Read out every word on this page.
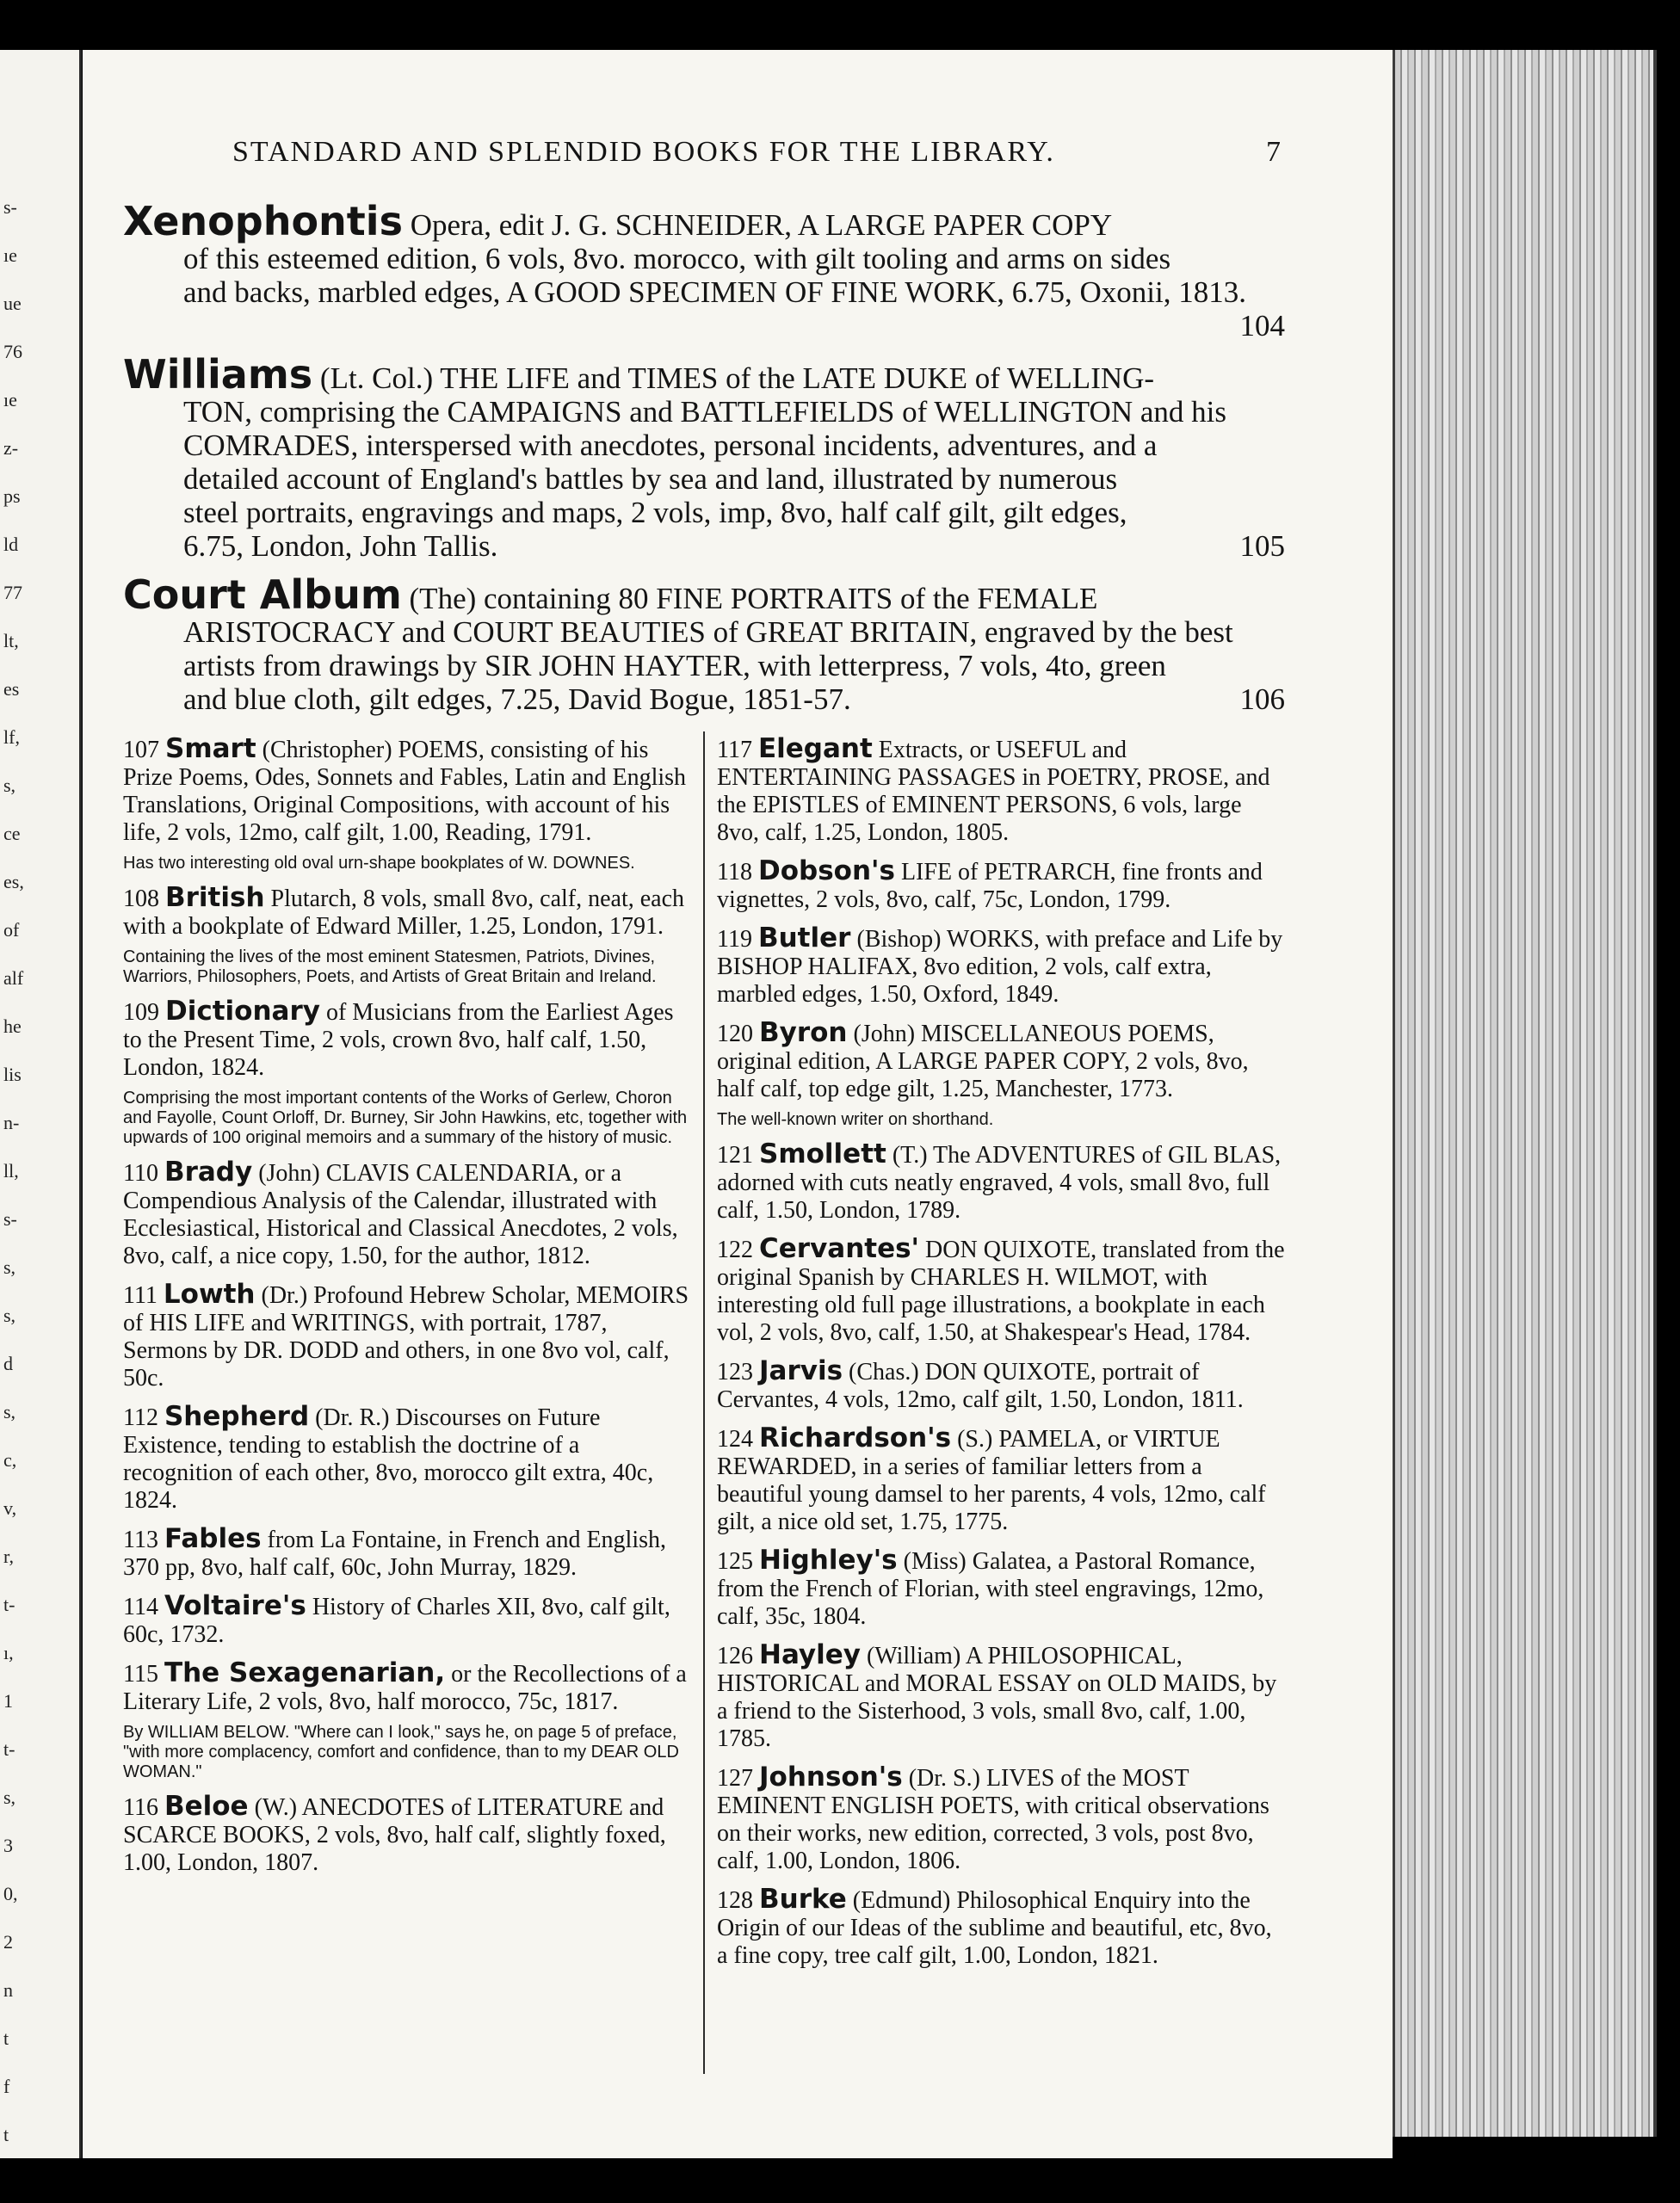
s-
ıe
ue
76
ıe
z-
ps
ld
77
lt,
es
lf,
s,
ce
es,
of
alf
he
lis
n-
ll,
s-
s,
s,
d
s,
c,
v,
r,
t-
ı,
1
t-
s,
3
0,
2
n
t
f
t
STANDARD AND SPLENDID BOOKS FOR THE LIBRARY.	7
Xenophontis Opera, edit J. G. SCHNEIDER, A LARGE PAPER COPY
of this esteemed edition, 6 vols, 8vo. morocco, with gilt tooling and arms on sides
and backs, marbled edges, A GOOD SPECIMEN OF FINE WORK, 6.75, Oxonii, 1813.
104

Williams (Lt. Col.) THE LIFE and TIMES of the LATE DUKE of WELLING-
TON, comprising the CAMPAIGNS and BATTLEFIELDS of WELLINGTON and his
COMRADES, interspersed with anecdotes, personal incidents, adventures, and a
detailed account of England's battles by sea and land, illustrated by numerous
steel portraits, engravings and maps, 2 vols, imp, 8vo, half calf gilt, gilt edges,
6.75, London, John Tallis.	105
Court Album (The) containing 80 FINE PORTRAITS of the FEMALE
ARISTOCRACY and COURT BEAUTIES of GREAT BRITAIN, engraved by the best
artists from drawings by SIR JOHN HAYTER, with letterpress, 7 vols, 4to, green
and blue cloth, gilt edges, 7.25, David Bogue, 1851-57.	106
107 Smart (Christopher) POEMS, consisting of his Prize Poems, Odes, Sonnets and Fables, Latin and English Translations, Original Compositions, with account of his life, 2 vols, 12mo, calf gilt, 1.00, Reading, 1791.
Has two interesting old oval urn-shape bookplates of W. DOWNES.
108 British Plutarch, 8 vols, small 8vo, calf, neat, each with a bookplate of Edward Miller, 1.25, London, 1791.
Containing the lives of the most eminent Statesmen, Patriots, Divines, Warriors, Philosophers, Poets, and Artists of Great Britain and Ireland.
109 Dictionary of Musicians from the Earliest Ages to the Present Time, 2 vols, crown 8vo, half calf, 1.50, London, 1824.
Comprising the most important contents of the Works of Gerlew, Choron and Fayolle, Count Orloff, Dr. Burney, Sir John Hawkins, etc, together with upwards of 100 original memoirs and a summary of the history of music.
110 Brady (John) CLAVIS CALENDARIA, or a Compendious Analysis of the Calendar, illustrated with Ecclesiastical, Historical and Classical Anecdotes, 2 vols, 8vo, calf, a nice copy, 1.50, for the author, 1812.
111 Lowth (Dr.) Profound Hebrew Scholar, MEMOIRS of HIS LIFE and WRITINGS, with portrait, 1787, Sermons by DR. DODD and others, in one 8vo vol, calf, 50c.
112 Shepherd (Dr. R.) Discourses on Future Existence, tending to establish the doctrine of a recognition of each other, 8vo, morocco gilt extra, 40c, 1824.
113 Fables from La Fontaine, in French and English, 370 pp, 8vo, half calf, 60c, John Murray, 1829.
114 Voltaire's History of Charles XII, 8vo, calf gilt, 60c, 1732.
115 The Sexagenarian, or the Recollections of a Literary Life, 2 vols, 8vo, half morocco, 75c, 1817.
By WILLIAM BELOW. "Where can I look," says he, on page 5 of preface, "with more complacency, comfort and confidence, than to my DEAR OLD WOMAN."
116 Beloe (W.) ANECDOTES of LITERATURE and SCARCE BOOKS, 2 vols, 8vo, half calf, slightly foxed, 1.00, London, 1807.
117 Elegant Extracts, or USEFUL and ENTERTAINING PASSAGES in POETRY, PROSE, and the EPISTLES of EMINENT PERSONS, 6 vols, large 8vo, calf, 1.25, London, 1805.
118 Dobson's LIFE of PETRARCH, fine fronts and vignettes, 2 vols, 8vo, calf, 75c, London, 1799.
119 Butler (Bishop) WORKS, with preface and Life by BISHOP HALIFAX, 8vo edition, 2 vols, calf extra, marbled edges, 1.50, Oxford, 1849.
120 Byron (John) MISCELLANEOUS POEMS, original edition, A LARGE PAPER COPY, 2 vols, 8vo, half calf, top edge gilt, 1.25, Manchester, 1773.
The well-known writer on shorthand.
121 Smollett (T.) The ADVENTURES of GIL BLAS, adorned with cuts neatly engraved, 4 vols, small 8vo, full calf, 1.50, London, 1789.
122 Cervantes' DON QUIXOTE, translated from the original Spanish by CHARLES H. WILMOT, with interesting old full page illustrations, a bookplate in each vol, 2 vols, 8vo, calf, 1.50, at Shakespear's Head, 1784.
123 Jarvis (Chas.) DON QUIXOTE, portrait of Cervantes, 4 vols, 12mo, calf gilt, 1.50, London, 1811.
124 Richardson's (S.) PAMELA, or VIRTUE REWARDED, in a series of familiar letters from a beautiful young damsel to her parents, 4 vols, 12mo, calf gilt, a nice old set, 1.75, 1775.
125 Highley's (Miss) Galatea, a Pastoral Romance, from the French of Florian, with steel engravings, 12mo, calf, 35c, 1804.
126 Hayley (William) A PHILOSOPHICAL, HISTORICAL and MORAL ESSAY on OLD MAIDS, by a friend to the Sisterhood, 3 vols, small 8vo, calf, 1.00, 1785.
127 Johnson's (Dr. S.) LIVES of the MOST EMINENT ENGLISH POETS, with critical observations on their works, new edition, corrected, 3 vols, post 8vo, calf, 1.00, London, 1806.
128 Burke (Edmund) Philosophical Enquiry into the Origin of our Ideas of the sublime and beautiful, etc, 8vo, a fine copy, tree calf gilt, 1.00, London, 1821.
